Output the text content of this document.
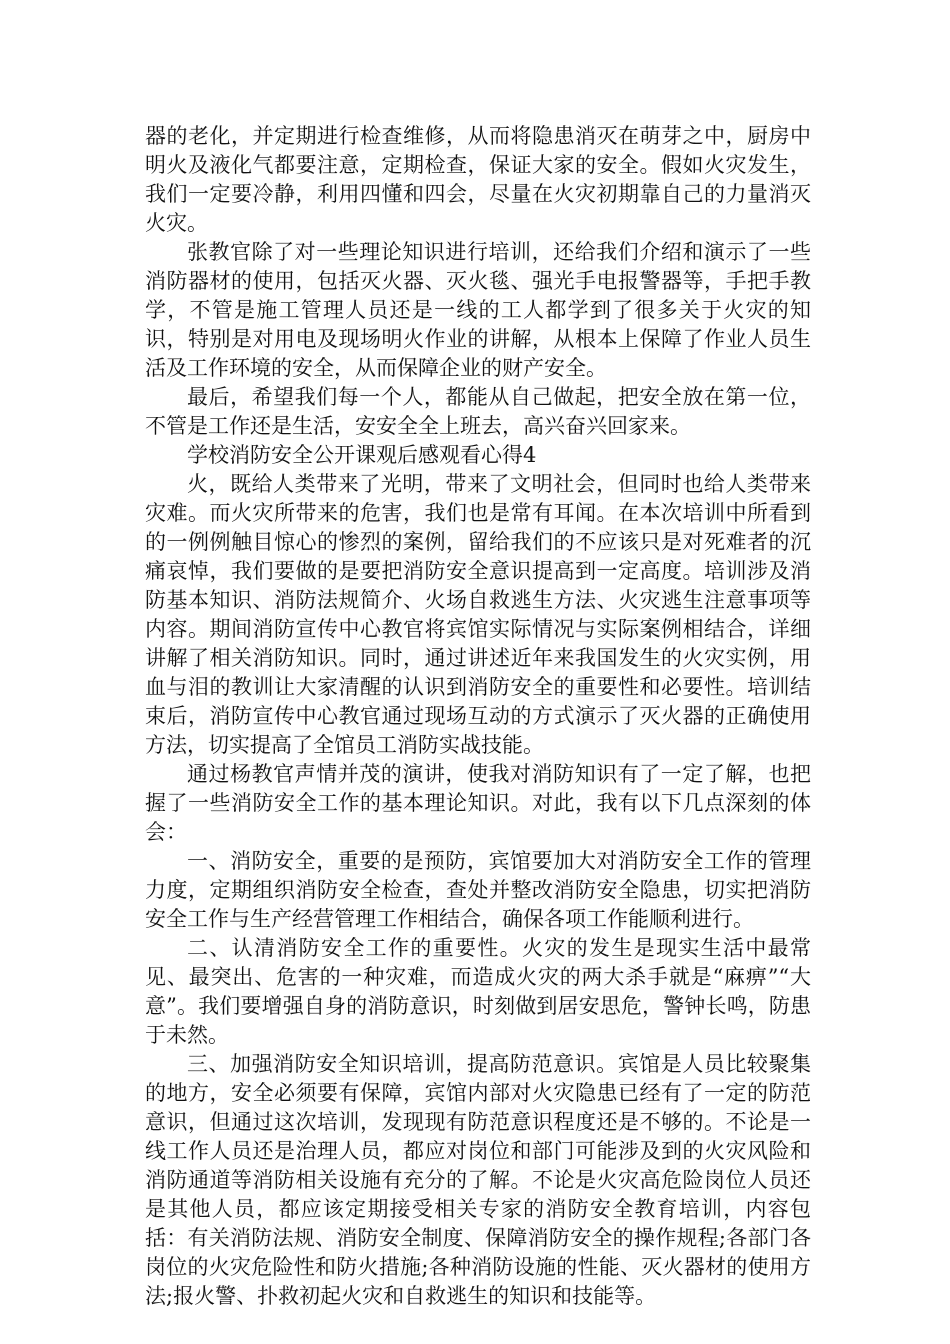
器的老化，并定期进行检查维修，从而将隐患消灭在萌芽之中，厨房中明火及液化气都要注意，定期检查，保证大家的安全。假如火灾发生，我们一定要冷静，利用四懂和四会，尽量在火灾初期靠自己的力量消灭火灾。

张教官除了对一些理论知识进行培训，还给我们介绍和演示了一些消防器材的使用，包括灭火器、灭火毯、强光手电报警器等，手把手教学，不管是施工管理人员还是一线的工人都学到了很多关于火灾的知识，特别是对用电及现场明火作业的讲解，从根本上保障了作业人员生活及工作环境的安全，从而保障企业的财产安全。

最后，希望我们每一个人，都能从自己做起，把安全放在第一位，不管是工作还是生活，安安全全上班去，高兴奋兴回家来。

学校消防安全公开课观后感观看心得4

火，既给人类带来了光明，带来了文明社会，但同时也给人类带来灾难。而火灾所带来的危害，我们也是常有耳闻。在本次培训中所看到的一例例触目惊心的惨烈的案例，留给我们的不应该只是对死难者的沉痛哀悼，我们要做的是要把消防安全意识提高到一定高度。培训涉及消防基本知识、消防法规简介、火场自救逃生方法、火灾逃生注意事项等内容。期间消防宣传中心教官将宾馆实际情况与实际案例相结合，详细讲解了相关消防知识。同时，通过讲述近年来我国发生的火灾实例，用血与泪的教训让大家清醒的认识到消防安全的重要性和必要性。培训结束后，消防宣传中心教官通过现场互动的方式演示了灭火器的正确使用方法，切实提高了全馆员工消防实战技能。

通过杨教官声情并茂的演讲，使我对消防知识有了一定了解，也把握了一些消防安全工作的基本理论知识。对此，我有以下几点深刻的体会：

一、消防安全，重要的是预防，宾馆要加大对消防安全工作的管理力度，定期组织消防安全检查，查处并整改消防安全隐患，切实把消防安全工作与生产经营管理工作相结合，确保各项工作能顺利进行。

二、认清消防安全工作的重要性。火灾的发生是现实生活中最常见、最突出、危害的一种灾难，而造成火灾的两大杀手就是“麻痹”“大意”。我们要增强自身的消防意识，时刻做到居安思危，警钟长鸣，防患于未然。

三、加强消防安全知识培训，提高防范意识。宾馆是人员比较聚集的地方，安全必须要有保障，宾馆内部对火灾隐患已经有了一定的防范意识，但通过这次培训，发现现有防范意识程度还是不够的。不论是一线工作人员还是治理人员，都应对岗位和部门可能涉及到的火灾风险和消防通道等消防相关设施有充分的了解。不论是火灾高危险岗位人员还是其他人员，都应该定期接受相关专家的消防安全教育培训，内容包括：有关消防法规、消防安全制度、保障消防安全的操作规程;各部门各岗位的火灾危险性和防火措施;各种消防设施的性能、灭火器材的使用方法;报火警、扑救初起火灾和自救逃生的知识和技能等。
